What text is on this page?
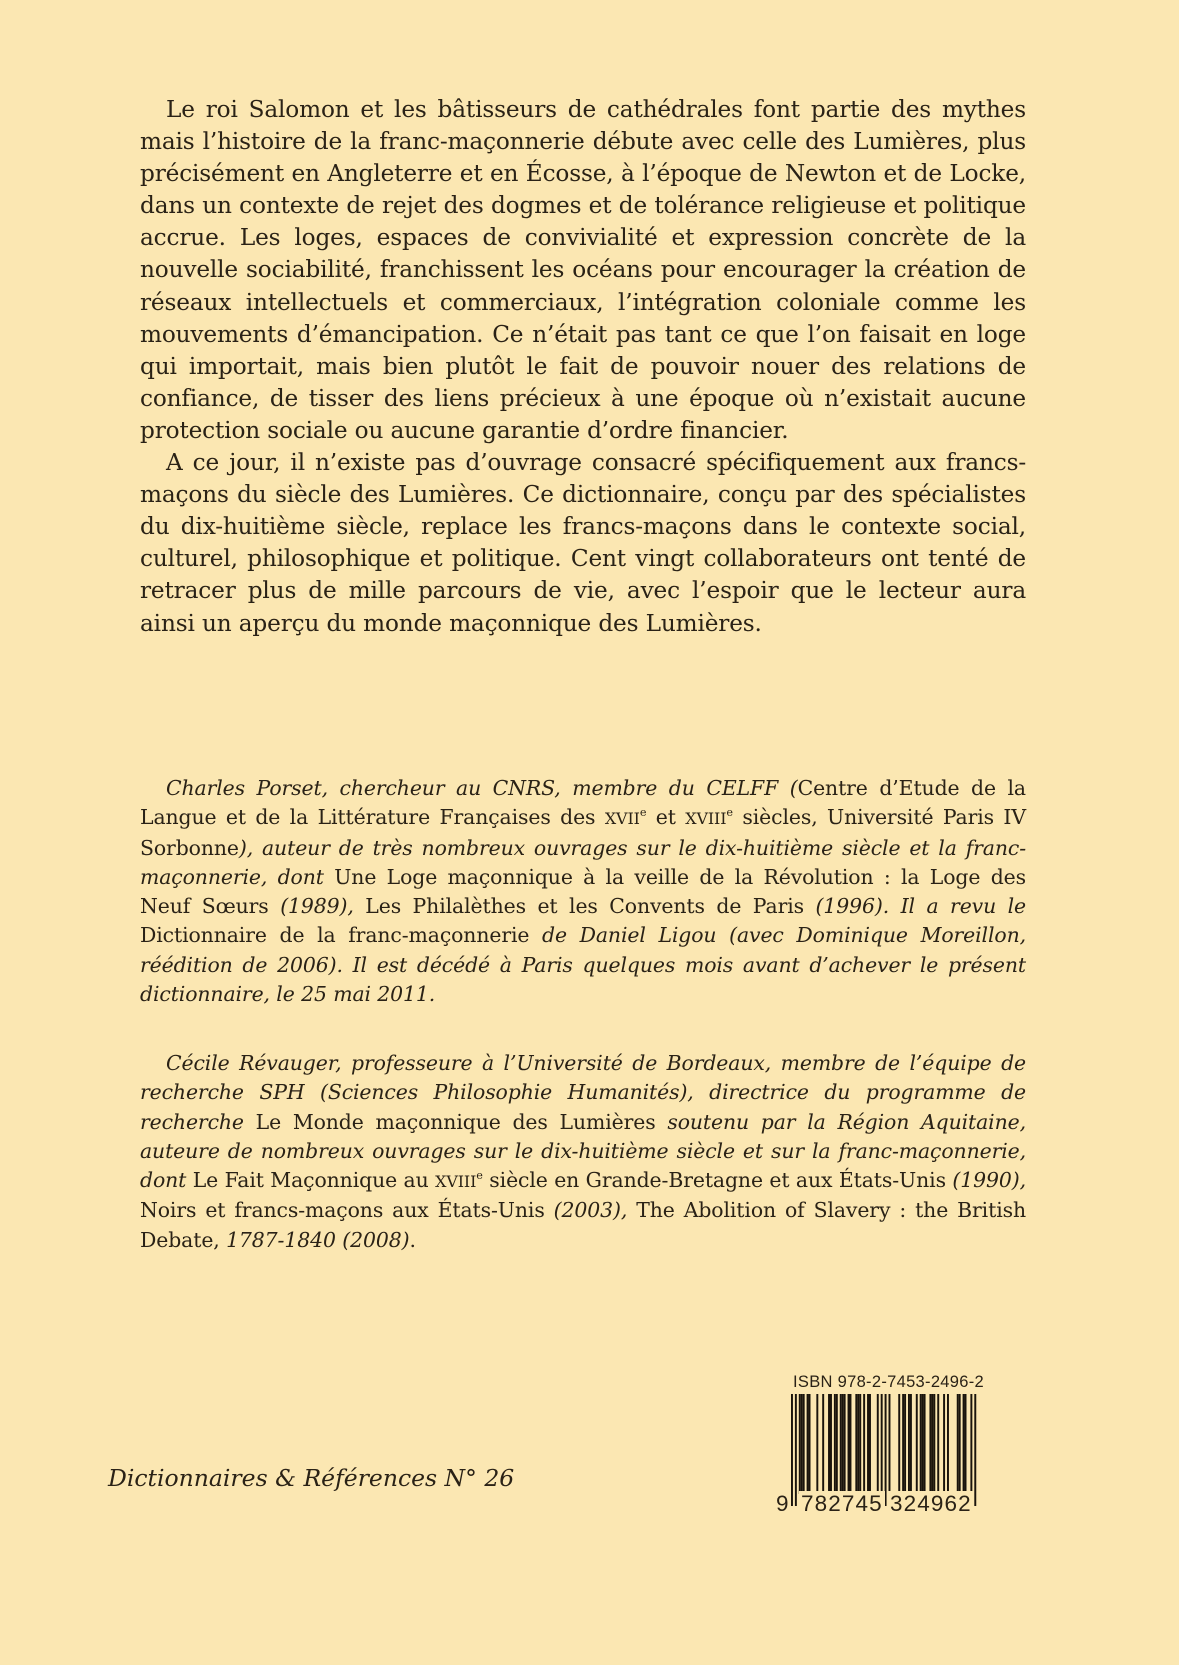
Le roi Salomon et les bâtisseurs de cathédrales font partie des mythes mais l’histoire de la franc-maçonnerie débute avec celle des Lumières, plus précisément en Angleterre et en Écosse, à l’époque de Newton et de Locke, dans un contexte de rejet des dogmes et de tolérance religieuse et politique accrue. Les loges, espaces de convivialité et expression concrète de la nouvelle sociabilité, franchissent les océans pour encourager la création de réseaux intellectuels et commerciaux, l’intégration coloniale comme les mouvements d’émancipation. Ce n’était pas tant ce que l’on faisait en loge qui importait, mais bien plutôt le fait de pouvoir nouer des relations de confiance, de tisser des liens précieux à une époque où n’existait aucune protection sociale ou aucune garantie d’ordre financier.

A ce jour, il n’existe pas d’ouvrage consacré spécifiquement aux francs-maçons du siècle des Lumières. Ce dictionnaire, conçu par des spécialistes du dix-huitième siècle, replace les francs-maçons dans le contexte social, culturel, philosophique et politique. Cent vingt collaborateurs ont tenté de retracer plus de mille parcours de vie, avec l’espoir que le lecteur aura ainsi un aperçu du monde maçonnique des Lumières.

Charles Porset, chercheur au CNRS, membre du CELFF (Centre d’Etude de la Langue et de la Littérature Françaises des XVIIe et XVIIIe siècles, Université Paris IV Sorbonne), auteur de très nombreux ouvrages sur le dix-huitième siècle et la franc-maçonnerie, dont Une Loge maçonnique à la veille de la Révolution : la Loge des Neuf Sœurs (1989), Les Philalèthes et les Convents de Paris (1996). Il a revu le Dictionnaire de la franc-maçonnerie de Daniel Ligou (avec Dominique Moreillon, réédition de 2006). Il est décédé à Paris quelques mois avant d’achever le présent dictionnaire, le 25 mai 2011.

Cécile Révauger, professeure à l’Université de Bordeaux, membre de l’équipe de recherche SPH (Sciences Philosophie Humanités), directrice du programme de recherche Le Monde maçonnique des Lumières soutenu par la Région Aquitaine, auteure de nombreux ouvrages sur le dix-huitième siècle et sur la franc-maçonnerie, dont Le Fait Maçonnique au XVIIIe siècle en Grande-Bretagne et aux États-Unis (1990), Noirs et francs-maçons aux États-Unis (2003), The Abolition of Slavery : the British Debate, 1787-1840 (2008).

Dictionnaires & Références N° 26
ISBN 978-2-7453-2496-2
9 782745 324962
